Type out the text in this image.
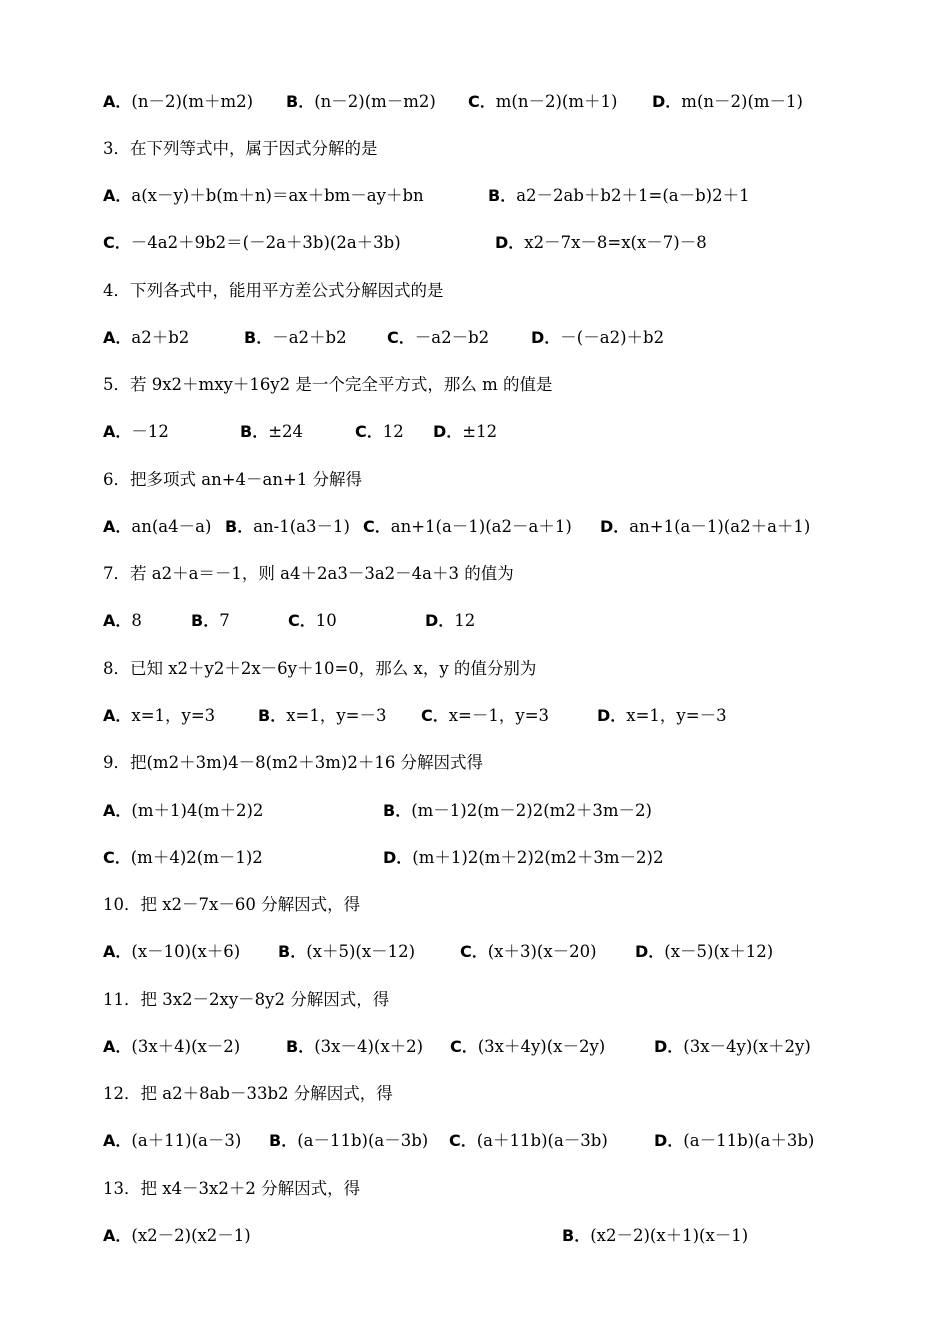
A．(n－2)(m＋m2) B．(n－2)(m－m2) C．m(n－2)(m＋1) D．m(n－2)(m－1)
3．在下列等式中，属于因式分解的是
A．a(x－y)＋b(m＋n)＝ax＋bm－ay＋bn	B．a2－2ab＋b2＋1=(a－b)2＋1
C．－4a2＋9b2＝(－2a＋3b)(2a＋3b)	D．x2－7x－8=x(x－7)－8
4．下列各式中，能用平方差公式分解因式的是
A．a2＋b2	B．－a2＋b2	C．－a2－b2	D．－(－a2)＋b2
5．若 9x2＋mxy＋16y2 是一个完全平方式，那么 m 的值是
A．－12	B．±24	C．12 D．±12
6．把多项式 an+4－an+1 分解得
A．an(a4－a) B．an-1(a3－1) C．an+1(a－1)(a2－a＋1) D．an+1(a－1)(a2＋a＋1)
7．若 a2＋a＝－1，则 a4＋2a3－3a2－4a＋3 的值为
A．8	B．7	C．10	D．12
8．已知 x2＋y2＋2x－6y＋10=0，那么 x，y 的值分别为
A．x=1，y=3	B．x=1，y=－3 C．x=－1，y=3	D．x=1，y=－3
9．把(m2＋3m)4－8(m2＋3m)2＋16 分解因式得
A．(m＋1)4(m＋2)2	B．(m－1)2(m－2)2(m2＋3m－2)
C．(m＋4)2(m－1)2	D．(m＋1)2(m＋2)2(m2＋3m－2)2
10．把 x2－7x－60 分解因式，得
A．(x－10)(x＋6) B．(x＋5)(x－12)	C．(x＋3)(x－20) D．(x－5)(x＋12)
11．把 3x2－2xy－8y2 分解因式，得
A．(3x＋4)(x－2)	B．(3x－4)(x＋2) C．(3x＋4y)(x－2y)	D．(3x－4y)(x＋2y)
12．把 a2＋8ab－33b2 分解因式，得
A．(a＋11)(a－3) B．(a－11b)(a－3b) C．(a＋11b)(a－3b)	D．(a－11b)(a＋3b)
13．把 x4－3x2＋2 分解因式，得
A．(x2－2)(x2－1)	B．(x2－2)(x＋1)(x－1)
